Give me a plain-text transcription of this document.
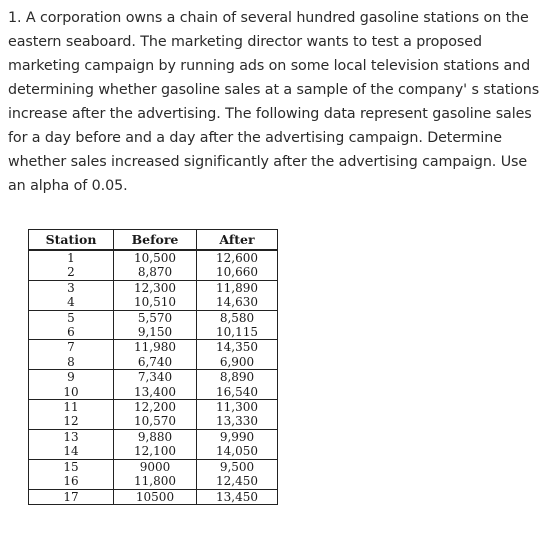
1. A corporation owns a chain of several hundred gasoline stations on the eastern seaboard. The marketing director wants to test a proposed marketing campaign by running ads on some local television stations and determining whether gasoline sales at a sample of the company' s stations increase after the advertising. The following data represent gasoline sales for a day before and a day after the advertising campaign. Determine whether sales increased significantly after the advertising campaign. Use an alpha of 0.05.

Station	Before	After
1	10,500	12,600
2	8,870	10,660
3	12,300	11,890
4	10,510	14,630
5	5,570	8,580
6	9,150	10,115
7	11,980	14,350
8	6,740	6,900
9	7,340	8,890
10	13,400	16,540
11	12,200	11,300
12	10,570	13,330
13	9,880	9,990
14	12,100	14,050
15	9000	9,500
16	11,800	12,450
17	10500	13,450
